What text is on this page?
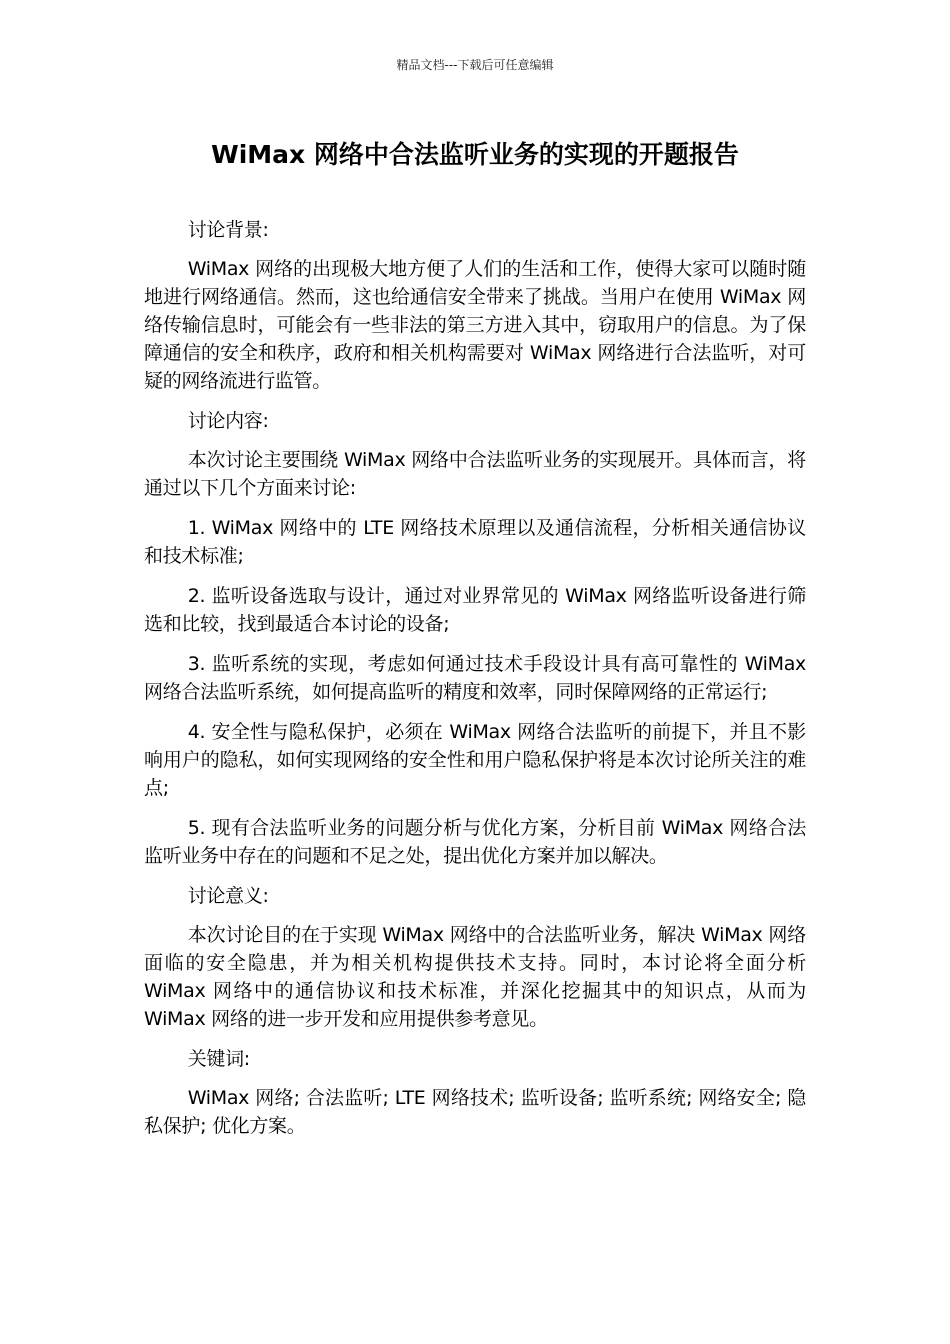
精品文档---下载后可任意编辑
WiMax 网络中合法监听业务的实现的开题报告

讨论背景:

WiMax 网络的出现极大地方便了人们的生活和工作，使得大家可以随时随地进行网络通信。然而，这也给通信安全带来了挑战。当用户在使用 WiMax 网络传输信息时，可能会有一些非法的第三方进入其中，窃取用户的信息。为了保障通信的安全和秩序，政府和相关机构需要对 WiMax 网络进行合法监听，对可疑的网络流进行监管。

讨论内容:

本次讨论主要围绕 WiMax 网络中合法监听业务的实现展开。具体而言，将通过以下几个方面来讨论:

1. WiMax 网络中的 LTE 网络技术原理以及通信流程，分析相关通信协议和技术标准;

2. 监听设备选取与设计，通过对业界常见的 WiMax 网络监听设备进行筛选和比较，找到最适合本讨论的设备;

3. 监听系统的实现，考虑如何通过技术手段设计具有高可靠性的 WiMax 网络合法监听系统，如何提高监听的精度和效率，同时保障网络的正常运行;

4. 安全性与隐私保护，必须在 WiMax 网络合法监听的前提下，并且不影响用户的隐私，如何实现网络的安全性和用户隐私保护将是本次讨论所关注的难点;

5. 现有合法监听业务的问题分析与优化方案，分析目前 WiMax 网络合法监听业务中存在的问题和不足之处，提出优化方案并加以解决。

讨论意义:

本次讨论目的在于实现 WiMax 网络中的合法监听业务，解决 WiMax 网络面临的安全隐患，并为相关机构提供技术支持。同时，本讨论将全面分析 WiMax 网络中的通信协议和技术标准，并深化挖掘其中的知识点，从而为 WiMax 网络的进一步开发和应用提供参考意见。

关键词:

WiMax 网络; 合法监听; LTE 网络技术; 监听设备; 监听系统; 网络安全; 隐私保护; 优化方案。
